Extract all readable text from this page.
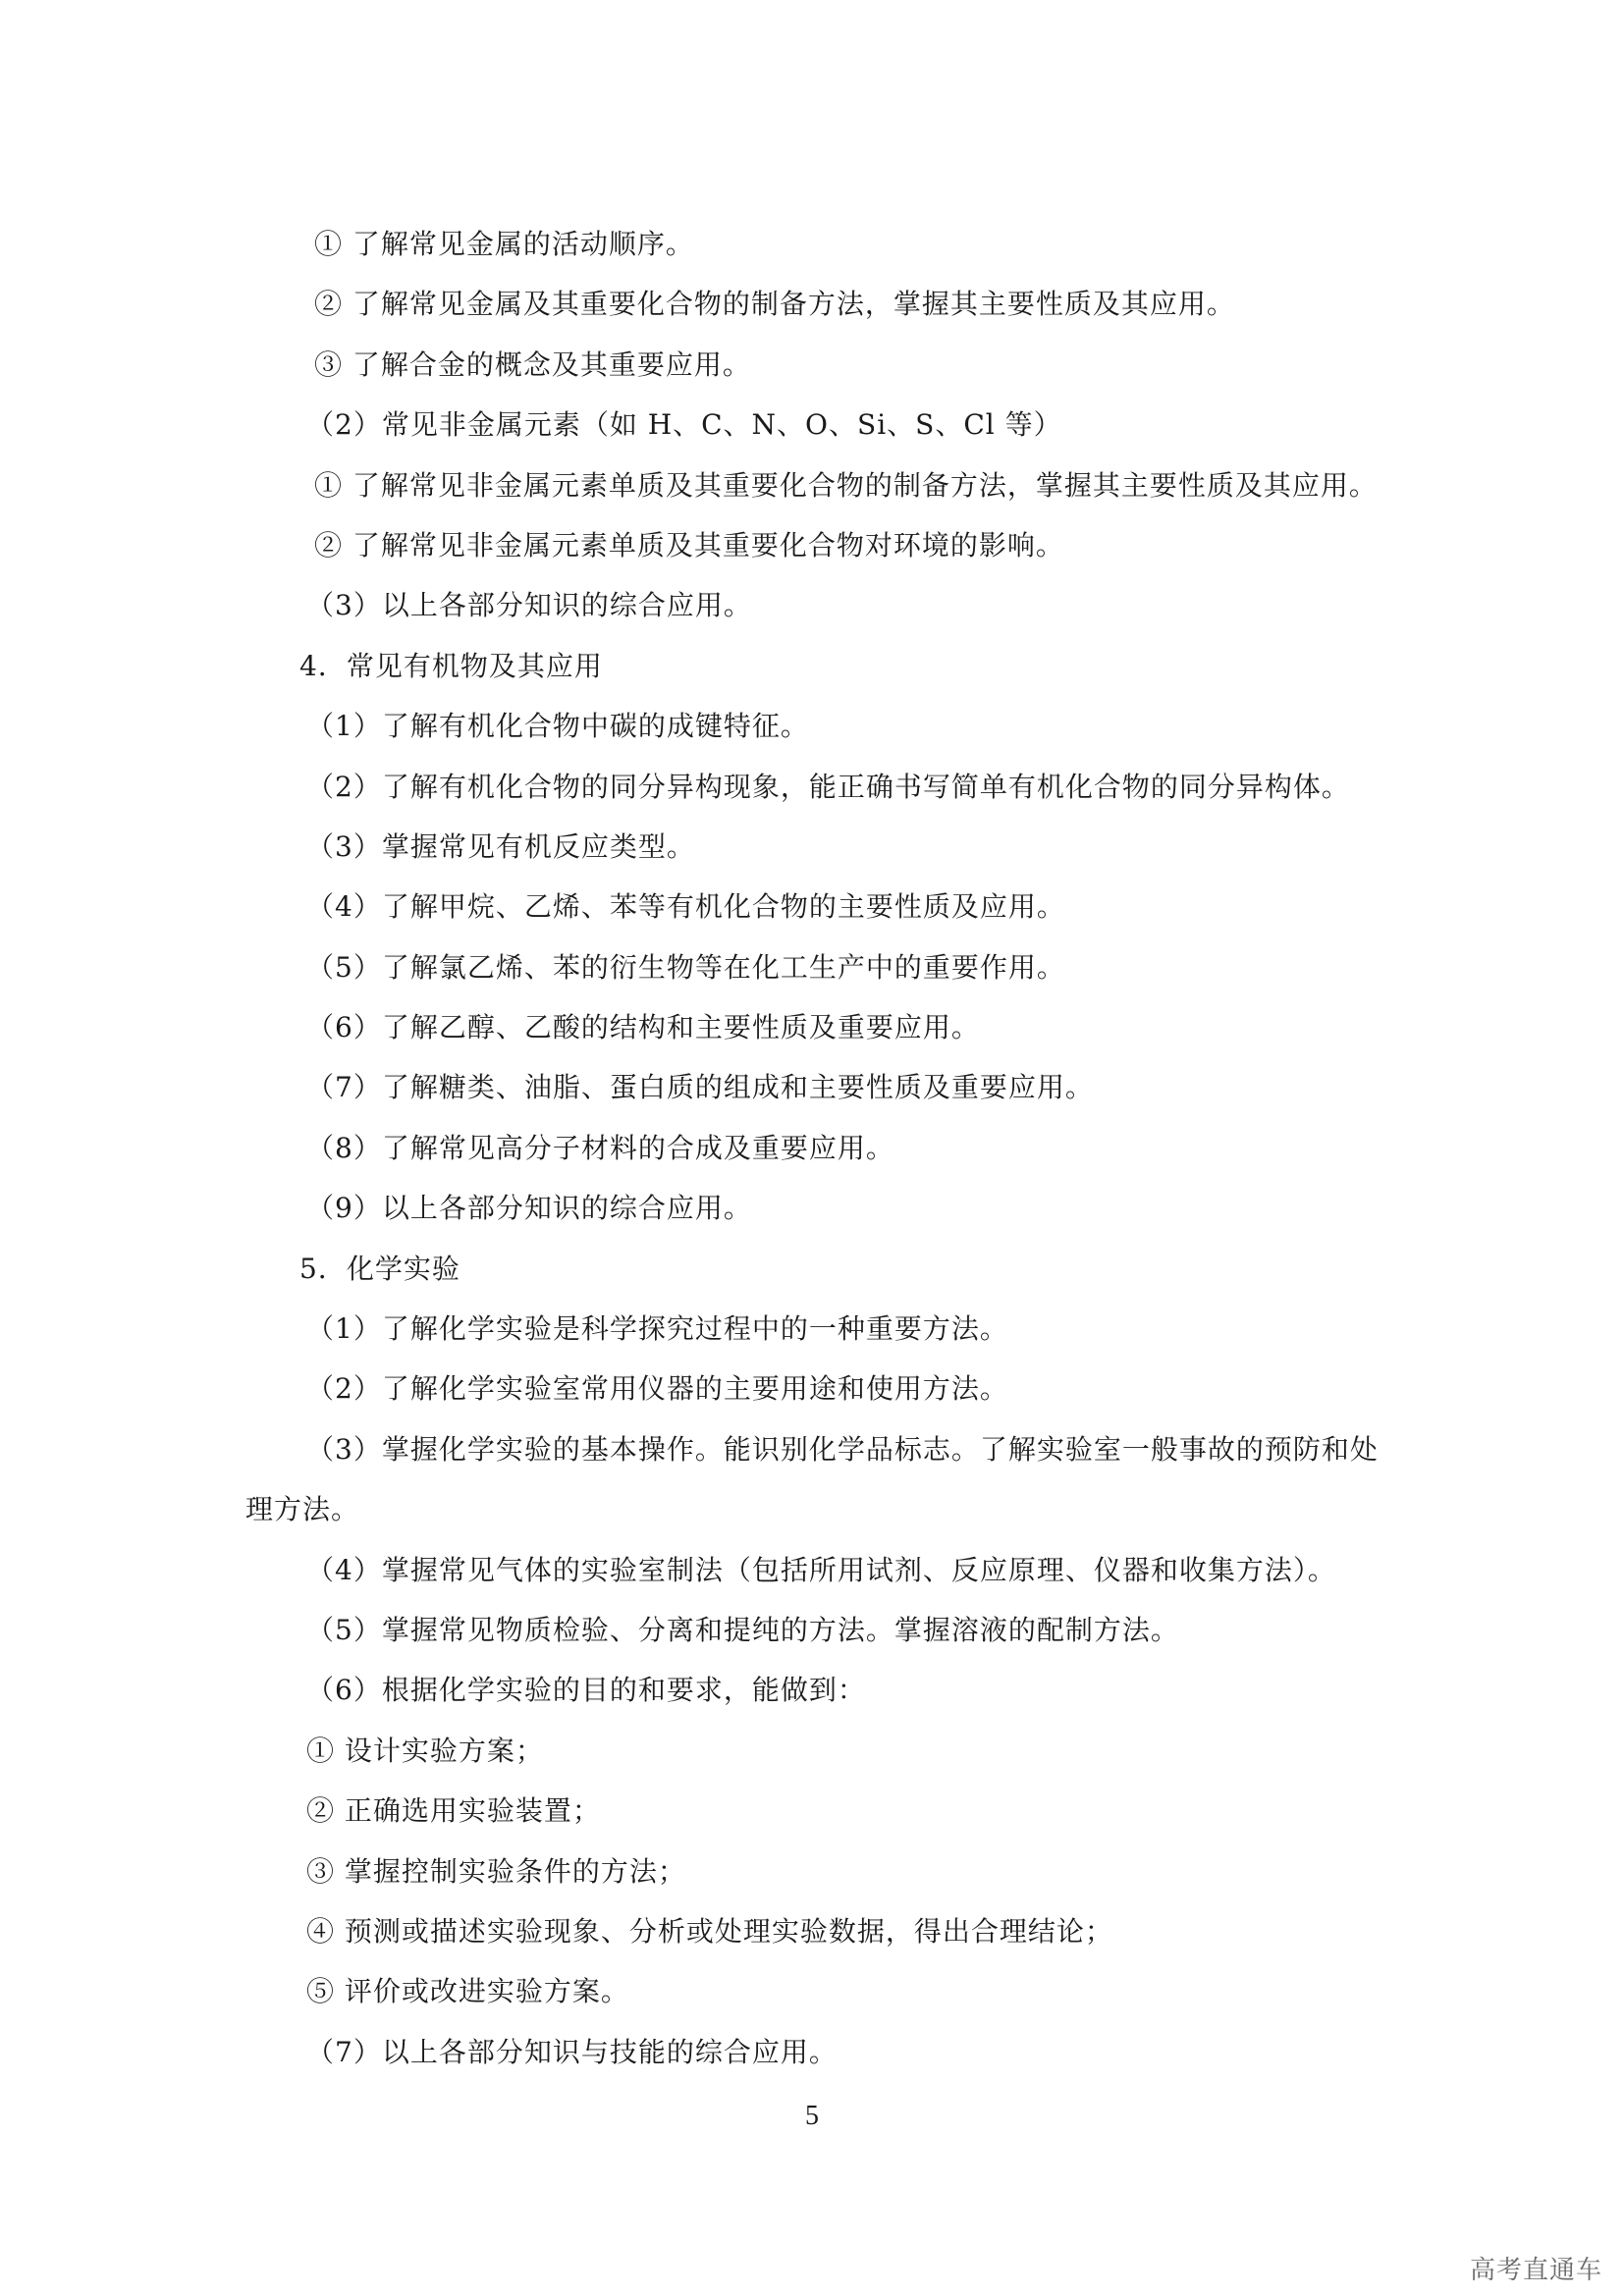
① 了解常见金属的活动顺序。
② 了解常见金属及其重要化合物的制备方法，掌握其主要性质及其应用。
③ 了解合金的概念及其重要应用。
（2）常见非金属元素（如 H、C、N、O、Si、S、Cl 等）
① 了解常见非金属元素单质及其重要化合物的制备方法，掌握其主要性质及其应用。
② 了解常见非金属元素单质及其重要化合物对环境的影响。
（3）以上各部分知识的综合应用。
4．常见有机物及其应用
（1）了解有机化合物中碳的成键特征。
（2）了解有机化合物的同分异构现象，能正确书写简单有机化合物的同分异构体。
（3）掌握常见有机反应类型。
（4）了解甲烷、乙烯、苯等有机化合物的主要性质及应用。
（5）了解氯乙烯、苯的衍生物等在化工生产中的重要作用。
（6）了解乙醇、乙酸的结构和主要性质及重要应用。
（7）了解糖类、油脂、蛋白质的组成和主要性质及重要应用。
（8）了解常见高分子材料的合成及重要应用。
（9）以上各部分知识的综合应用。
5．化学实验
（1）了解化学实验是科学探究过程中的一种重要方法。
（2）了解化学实验室常用仪器的主要用途和使用方法。
（3）掌握化学实验的基本操作。能识别化学品标志。了解实验室一般事故的预防和处
理方法。
（4）掌握常见气体的实验室制法（包括所用试剂、反应原理、仪器和收集方法）。
（5）掌握常见物质检验、分离和提纯的方法。掌握溶液的配制方法。
（6）根据化学实验的目的和要求，能做到：
① 设计实验方案；
② 正确选用实验装置；
③ 掌握控制实验条件的方法；
④ 预测或描述实验现象、分析或处理实验数据，得出合理结论；
⑤ 评价或改进实验方案。
（7）以上各部分知识与技能的综合应用。
5
高考直通车
